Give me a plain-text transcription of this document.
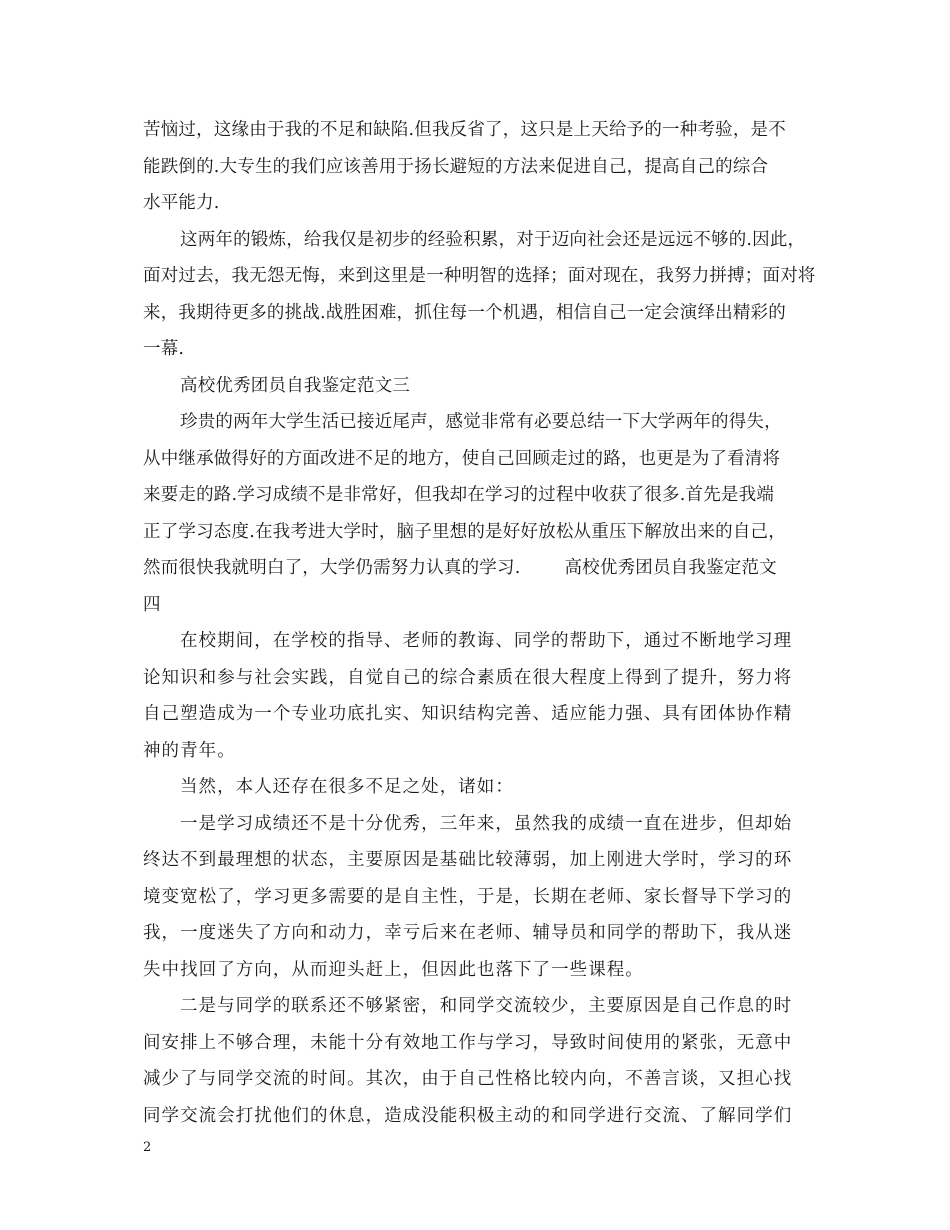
苦恼过，这缘由于我的不足和缺陷.但我反省了，这只是上天给予的一种考验，是不
能跌倒的.大专生的我们应该善用于扬长避短的方法来促进自己，提高自己的综合
水平能力.
这两年的锻炼，给我仅是初步的经验积累，对于迈向社会还是远远不够的.因此，
面对过去，我无怨无悔，来到这里是一种明智的选择；面对现在，我努力拼搏；面对将
来，我期待更多的挑战.战胜困难，抓住每一个机遇，相信自己一定会演绎出精彩的
一幕.
高校优秀团员自我鉴定范文三
珍贵的两年大学生活已接近尾声，感觉非常有必要总结一下大学两年的得失，
从中继承做得好的方面改进不足的地方，使自己回顾走过的路，也更是为了看清将
来要走的路.学习成绩不是非常好，但我却在学习的过程中收获了很多.首先是我端
正了学习态度.在我考进大学时，脑子里想的是好好放松从重压下解放出来的自己，
然而很快我就明白了，大学仍需努力认真的学习.	高校优秀团员自我鉴定范文
四
在校期间，在学校的指导、老师的教诲、同学的帮助下，通过不断地学习理
论知识和参与社会实践，自觉自己的综合素质在很大程度上得到了提升，努力将
自己塑造成为一个专业功底扎实、知识结构完善、适应能力强、具有团体协作精
神的青年。
当然，本人还存在很多不足之处，诸如：
一是学习成绩还不是十分优秀，三年来，虽然我的成绩一直在进步，但却始
终达不到最理想的状态，主要原因是基础比较薄弱，加上刚进大学时，学习的环
境变宽松了，学习更多需要的是自主性，于是，长期在老师、家长督导下学习的
我，一度迷失了方向和动力，幸亏后来在老师、辅导员和同学的帮助下，我从迷
失中找回了方向，从而迎头赶上，但因此也落下了一些课程。
二是与同学的联系还不够紧密，和同学交流较少，主要原因是自己作息的时
间安排上不够合理，未能十分有效地工作与学习，导致时间使用的紧张，无意中
减少了与同学交流的时间。其次，由于自己性格比较内向，不善言谈，又担心找
同学交流会打扰他们的休息，造成没能积极主动的和同学进行交流、了解同学们
2
